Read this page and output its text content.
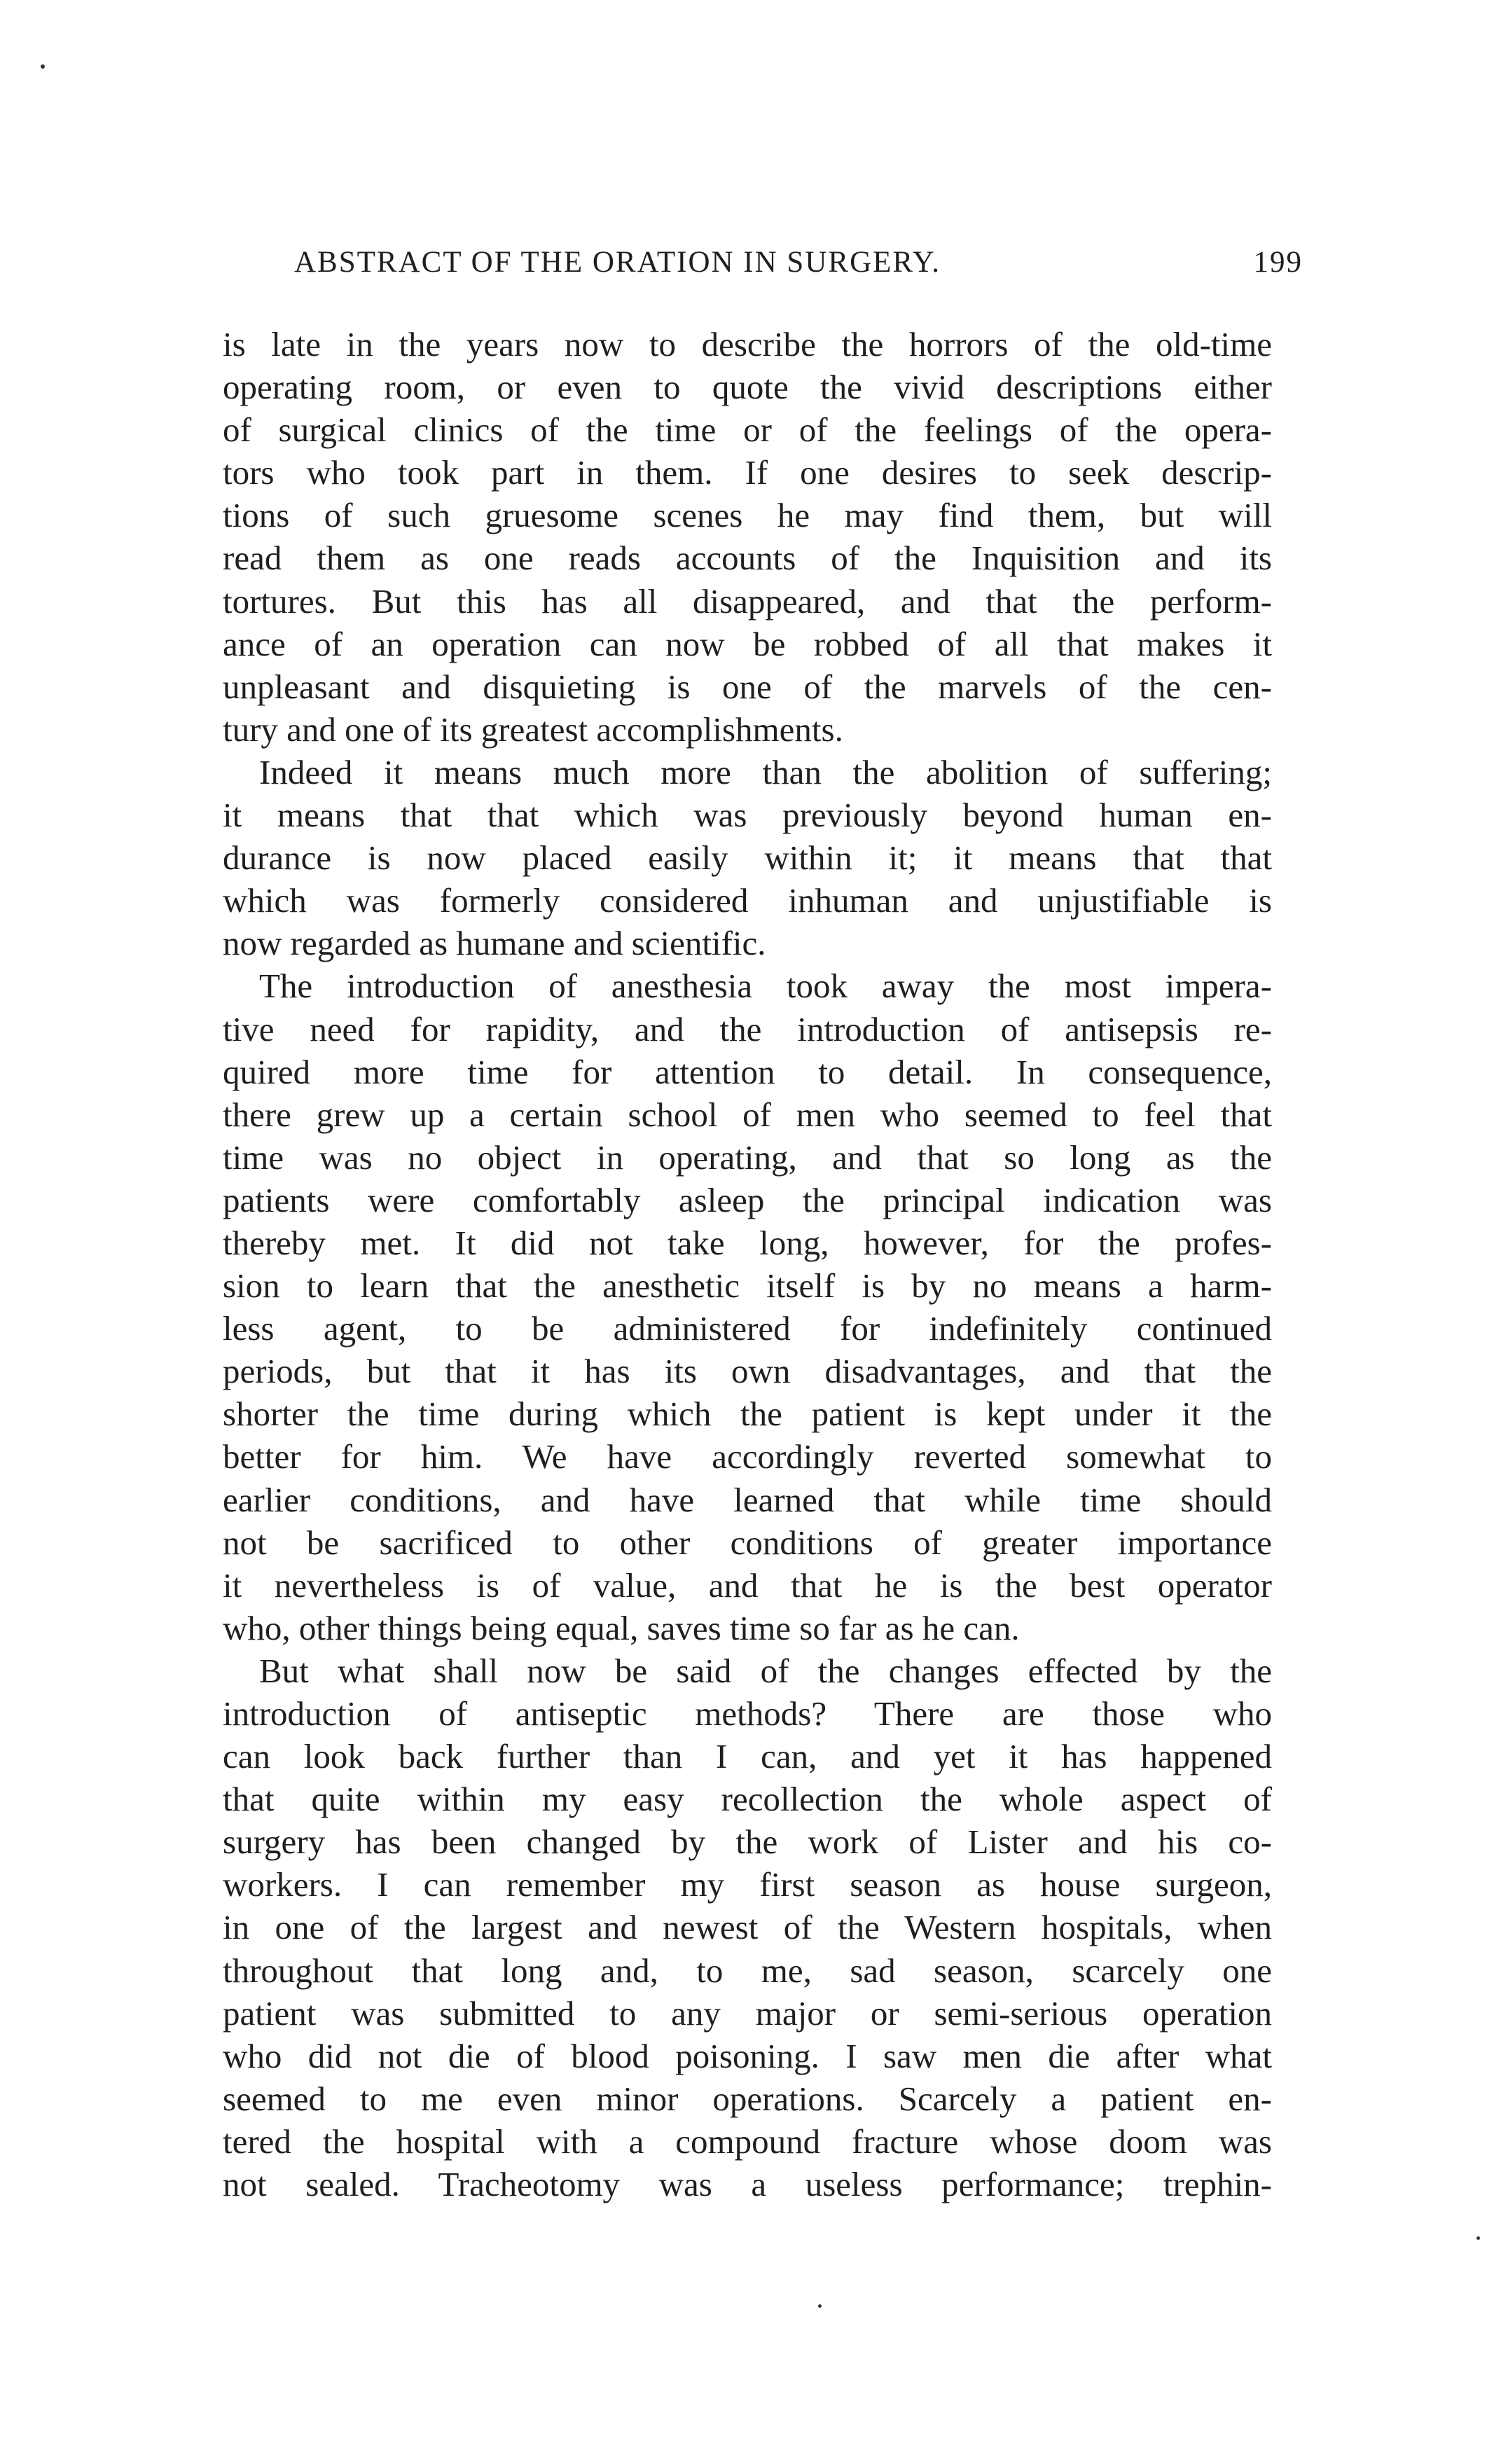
ABSTRACT OF THE ORATION IN SURGERY.	199
is late in the years now to describe the horrors of the old-time
operating room, or even to quote the vivid descriptions either
of surgical clinics of the time or of the feelings of the opera-
tors who took part in them. If one desires to seek descrip-
tions of such gruesome scenes he may find them, but will
read them as one reads accounts of the Inquisition and its
tortures. But this has all disappeared, and that the perform-
ance of an operation can now be robbed of all that makes it
unpleasant and disquieting is one of the marvels of the cen-
tury and one of its greatest accomplishments.
Indeed it means much more than the abolition of suffering;
it means that that which was previously beyond human en-
durance is now placed easily within it; it means that that
which was formerly considered inhuman and unjustifiable is
now regarded as humane and scientific.
The introduction of anesthesia took away the most impera-
tive need for rapidity, and the introduction of antisepsis re-
quired more time for attention to detail. In consequence,
there grew up a certain school of men who seemed to feel that
time was no object in operating, and that so long as the
patients were comfortably asleep the principal indication was
thereby met. It did not take long, however, for the profes-
sion to learn that the anesthetic itself is by no means a harm-
less agent, to be administered for indefinitely continued
periods, but that it has its own disadvantages, and that the
shorter the time during which the patient is kept under it the
better for him. We have accordingly reverted somewhat to
earlier conditions, and have learned that while time should
not be sacrificed to other conditions of greater importance
it nevertheless is of value, and that he is the best operator
who, other things being equal, saves time so far as he can.
But what shall now be said of the changes effected by the
introduction of antiseptic methods? There are those who
can look back further than I can, and yet it has happened
that quite within my easy recollection the whole aspect of
surgery has been changed by the work of Lister and his co-
workers. I can remember my first season as house surgeon,
in one of the largest and newest of the Western hospitals, when
throughout that long and, to me, sad season, scarcely one
patient was submitted to any major or semi-serious operation
who did not die of blood poisoning. I saw men die after what
seemed to me even minor operations. Scarcely a patient en-
tered the hospital with a compound fracture whose doom was
not sealed. Tracheotomy was a useless performance; trephin-
